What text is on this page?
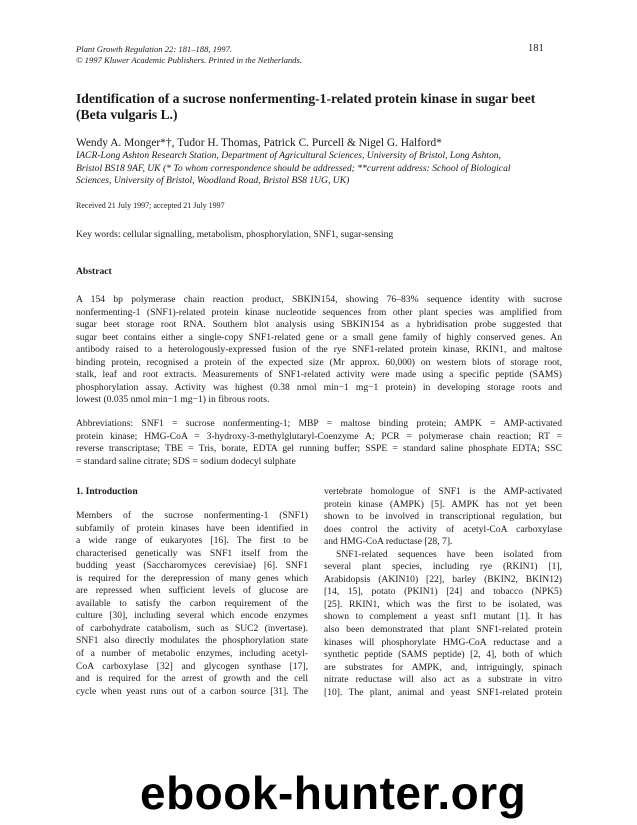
Plant Growth Regulation 22: 181–188, 1997.
© 1997 Kluwer Academic Publishers. Printed in the Netherlands.
181
Identification of a sucrose nonfermenting-1-related protein kinase in sugar beet (Beta vulgaris L.)
Wendy A. Monger*†, Tudor H. Thomas, Patrick C. Purcell & Nigel G. Halford*
IACR-Long Ashton Research Station, Department of Agricultural Sciences, University of Bristol, Long Ashton,
Bristol BS18 9AF, UK (* To whom correspondence should be addressed; **current address: School of Biological
Sciences, University of Bristol, Woodland Road, Bristol BS8 1UG, UK)
Received 21 July 1997; accepted 21 July 1997
Key words: cellular signalling, metabolism, phosphorylation, SNF1, sugar-sensing
Abstract
A 154 bp polymerase chain reaction product, SBKIN154, showing 76–83% sequence identity with sucrose
nonfermenting-1 (SNF1)-related protein kinase nucleotide sequences from other plant species was amplified from
sugar beet storage root RNA. Southern blot analysis using SBKIN154 as a hybridisation probe suggested that
sugar beet contains either a single-copy SNF1-related gene or a small gene family of highly conserved genes. An
antibody raised to a heterologously-expressed fusion of the rye SNF1-related protein kinase, RKIN1, and maltose
binding protein, recognised a protein of the expected size (Mr approx. 60,000) on western blots of storage root,
stalk, leaf and root extracts. Measurements of SNF1-related activity were made using a specific peptide (SAMS)
phosphorylation assay. Activity was highest (0.38 nmol min−1 mg−1 protein) in developing storage roots and
lowest (0.035 nmol min−1 mg−1) in fibrous roots.
Abbreviations: SNF1 = sucrose nonfermenting-1; MBP = maltose binding protein; AMPK = AMP-activated
protein kinase; HMG-CoA = 3-hydroxy-3-methylglutaryl-Coenzyme A; PCR = polymerase chain reaction; RT =
reverse transcriptase; TBE = Tris, borate, EDTA gel running buffer; SSPE = standard saline phosphate EDTA; SSC
= standard saline citrate; SDS = sodium dodecyl sulphate
1. Introduction
Members of the sucrose nonfermenting-1 (SNF1)
subfamily of protein kinases have been identified in
a wide range of eukaryotes [16]. The first to be
characterised genetically was SNF1 itself from the
budding yeast (Saccharomyces cerevisiae) [6]. SNF1
is required for the derepression of many genes which
are repressed when sufficient levels of glucose are
available to satisfy the carbon requirement of the
culture [30], including several which encode enzymes
of carbohydrate catabolism, such as SUC2 (invertase).
SNF1 also directly modulates the phosphorylation state
of a number of metabolic enzymes, including acetyl-
CoA carboxylase [32] and glycogen synthase [17],
and is required for the arrest of growth and the cell
cycle when yeast runs out of a carbon source [31]. The
vertebrate homologue of SNF1 is the AMP-activated
protein kinase (AMPK) [5]. AMPK has not yet been
shown to be involved in transcriptional regulation, but
does control the activity of acetyl-CoA carboxylase
and HMG-CoA reductase [28, 7].
SNF1-related sequences have been isolated from
several plant species, including rye (RKIN1) [1],
Arabidopsis (AKIN10) [22], barley (BKIN2, BKIN12)
[14, 15], potato (PKIN1) [24] and tobacco (NPK5)
[25]. RKIN1, which was the first to be isolated, was
shown to complement a yeast snf1 mutant [1]. It has
also been demonstrated that plant SNF1-related protein
kinases will phosphorylate HMG-CoA reductase and a
synthetic peptide (SAMS peptide) [2, 4], both of which
are substrates for AMPK, and, intriguingly, spinach
nitrate reductase will also act as a substrate in vitro
[10]. The plant, animal and yeast SNF1-related protein
ebook-hunter.org
